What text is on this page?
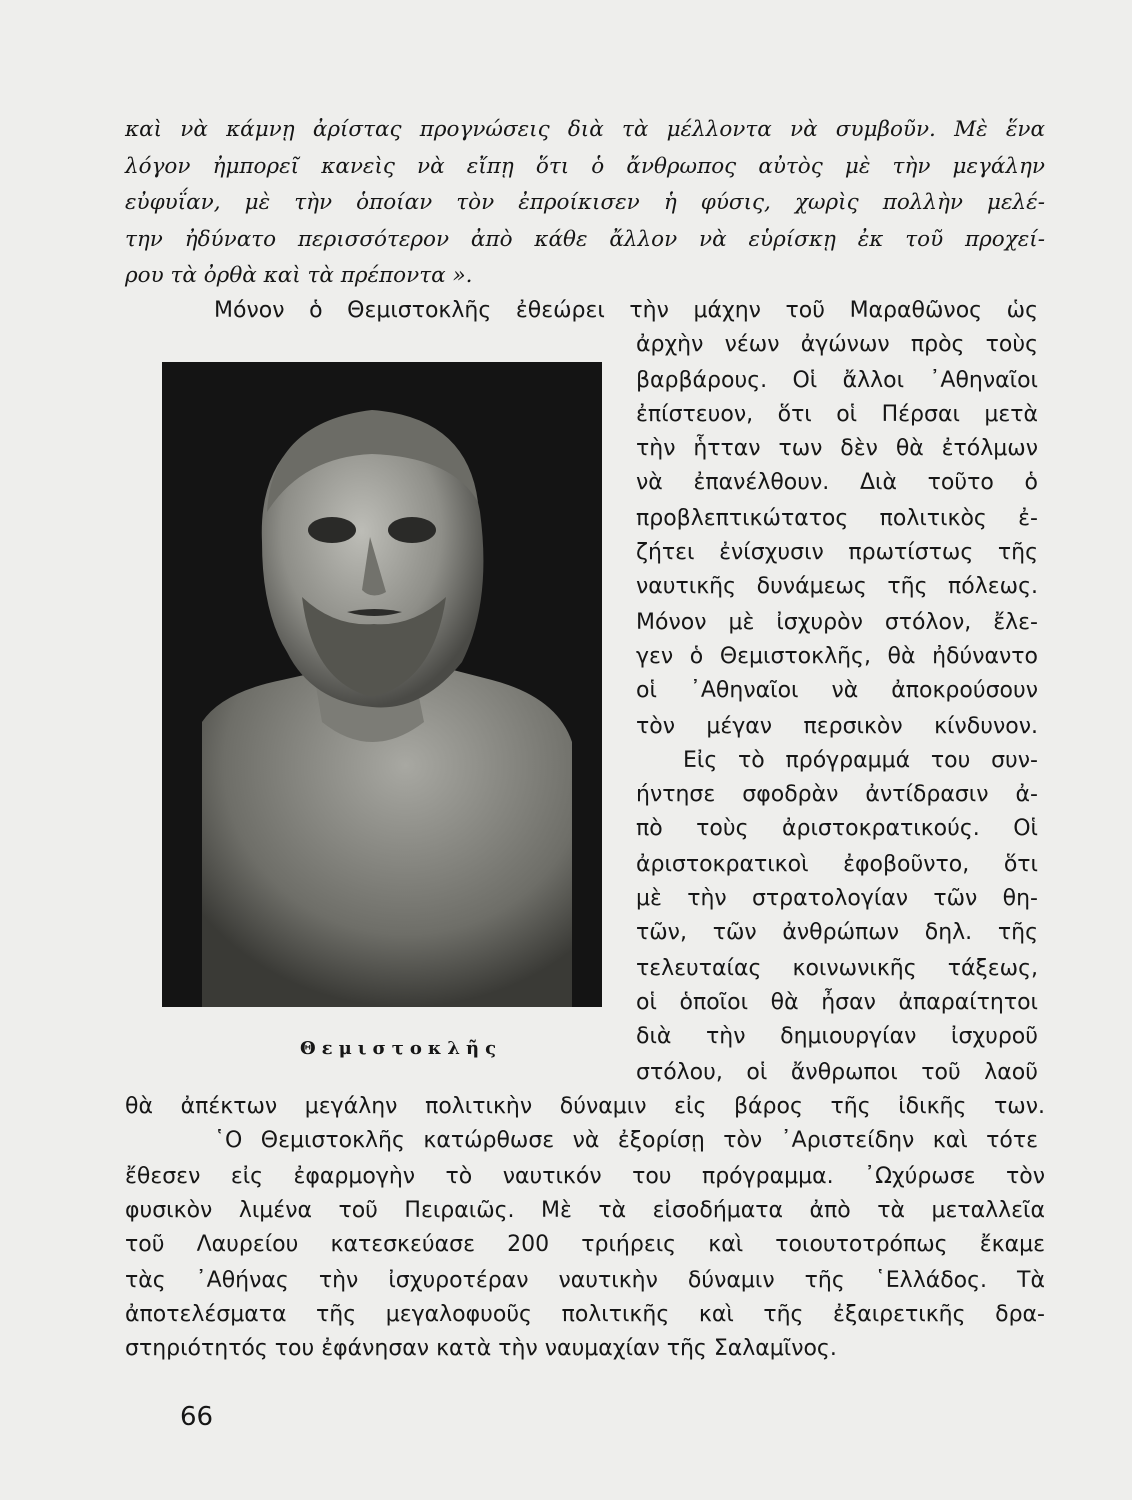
καὶ νὰ κάμνῃ ἀρίστας προγνώσεις διὰ τὰ μέλλοντα νὰ συμβοῦν. Μὲ ἕνα

λόγον ἠμπορεῖ κανεὶς νὰ εἴπῃ ὅτι ὁ ἄνθρωπος αὐτὸς μὲ τὴν μεγάλην

εὐφυΐαν, μὲ τὴν ὁποίαν τὸν ἐπροίκισεν ἡ φύσις, χωρὶς πολλὴν μελέ-

την ἠδύνατο περισσότερον ἀπὸ κάθε ἄλλον νὰ εὑρίσκῃ ἐκ τοῦ προχεί-

ρου τὰ ὀρθὰ καὶ τὰ πρέποντα ».

Μόνον ὁ Θεμιστοκλῆς ἐθεώρει τὴν μάχην τοῦ Μαραθῶνος ὡς

ἀρχὴν νέων ἀγώνων πρὸς τοὺς

βαρβάρους. Οἱ ἄλλοι ᾿Αθηναῖοι

ἐπίστευον, ὅτι οἱ Πέρσαι μετὰ

τὴν ἧτταν των δὲν θὰ ἐτόλμων

νὰ ἐπανέλθουν. Διὰ τοῦτο ὁ

προβλεπτικώτατος πολιτικὸς ἐ-

ζήτει ἐνίσχυσιν πρωτίστως τῆς

ναυτικῆς δυνάμεως τῆς πόλεως.

Μόνον μὲ ἰσχυρὸν στόλον, ἔλε-

γεν ὁ Θεμιστοκλῆς, θὰ ἠδύναντο

οἱ ᾿Αθηναῖοι νὰ ἀποκρούσουν

τὸν μέγαν περσικὸν κίνδυνον.

Εἰς τὸ πρόγραμμά του συν-

ήντησε σφοδρὰν ἀντίδρασιν ἀ-

πὸ τοὺς ἀριστοκρατικούς. Οἱ

ἀριστοκρατικοὶ ἐφοβοῦντο, ὅτι

μὲ τὴν στρατολογίαν τῶν θη-

τῶν, τῶν ἀνθρώπων δηλ. τῆς

τελευταίας κοινωνικῆς τάξεως,

οἱ ὁποῖοι θὰ ἦσαν ἀπαραίτητοι

διὰ τὴν δημιουργίαν ἰσχυροῦ

στόλου, οἱ ἄνθρωποι τοῦ λαοῦ

θὰ ἀπέκτων μεγάλην πολιτικὴν δύναμιν εἰς βάρος τῆς ἰδικῆς των.

῾Ο Θεμιστοκλῆς κατώρθωσε νὰ ἐξορίσῃ τὸν ᾿Αριστείδην καὶ τότε

ἔθεσεν εἰς ἐφαρμογὴν τὸ ναυτικόν του πρόγραμμα. ᾿Ωχύρωσε τὸν

φυσικὸν λιμένα τοῦ Πειραιῶς. Μὲ τὰ εἰσοδήματα ἀπὸ τὰ μεταλλεῖα

τοῦ Λαυρείου κατεσκεύασε 200 τριήρεις καὶ τοιουτοτρόπως ἔκαμε

τὰς ᾿Αθήνας τὴν ἰσχυροτέραν ναυτικὴν δύναμιν τῆς ῾Ελλάδος. Τὰ

ἀποτελέσματα τῆς μεγαλοφυοῦς πολιτικῆς καὶ τῆς ἐξαιρετικῆς δρα-

στηριότητός του ἐφάνησαν κατὰ τὴν ναυμαχίαν τῆς Σαλαμῖνος.

Θεμιστοκλῆς
66
